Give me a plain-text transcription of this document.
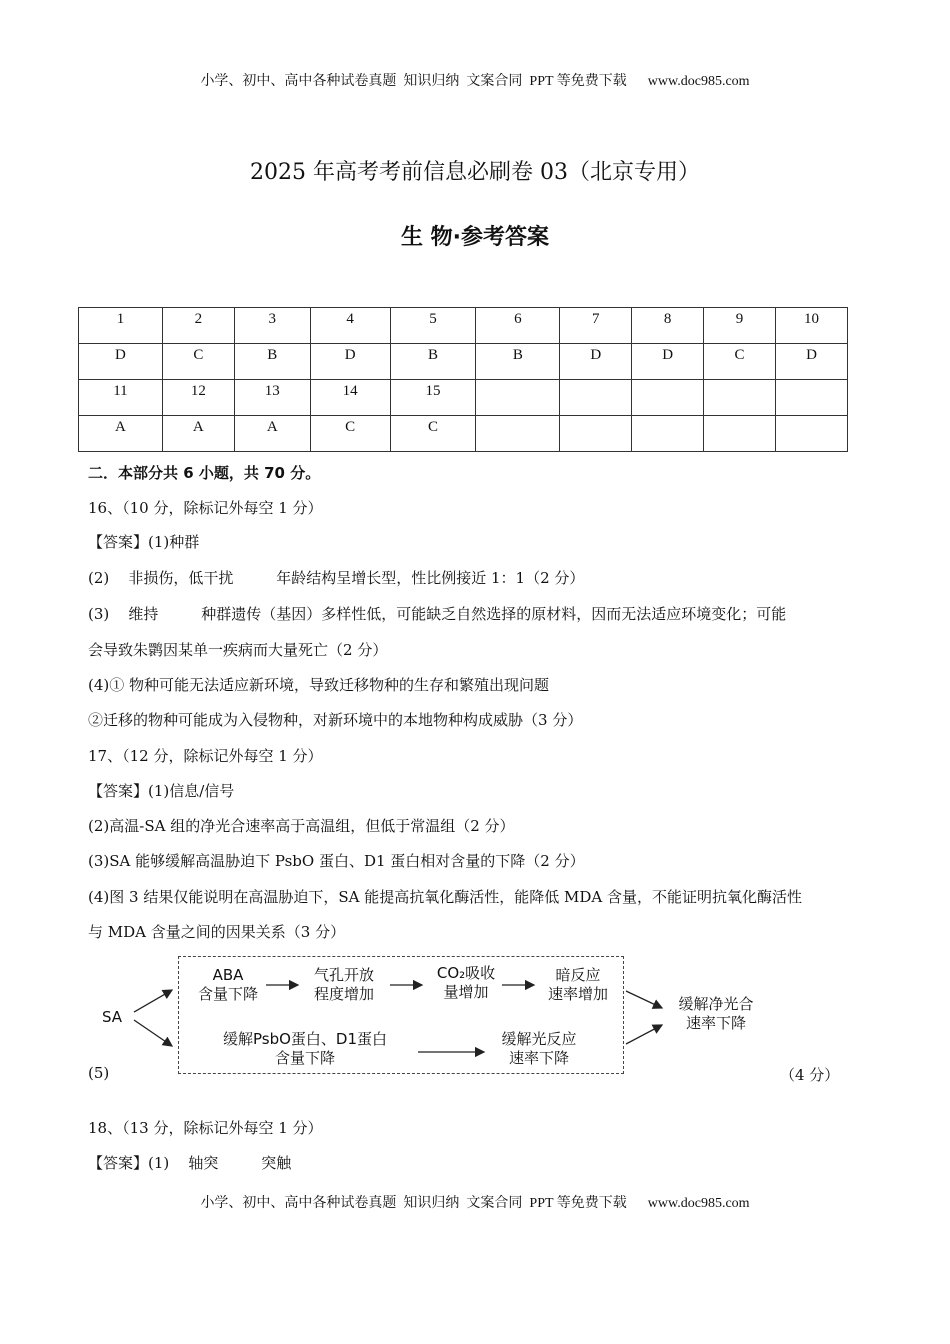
小学、初中、高中各种试卷真题  知识归纳  文案合同  PPT 等免费下载      www.doc985.com
2025 年高考考前信息必刷卷 03（北京专用）
生 物·参考答案
1	2	3	4	5	6	7	8	9	10
D	C	B	D	B	B	D	D	C	D
11	12	13	14	15					
A	A	A	C	C					
二．本部分共 6 小题，共 70 分。
16、（10 分，除标记外每空 1 分）
【答案】(1)种群
(2)    非损伤，低干扰         年龄结构呈增长型，性比例接近 1：1（2 分）
(3)    维持         种群遗传（基因）多样性低，可能缺乏自然选择的原材料，因而无法适应环境变化；可能
会导致朱鹮因某单一疾病而大量死亡（2 分）
(4)① 物种可能无法适应新环境，导致迁移物种的生存和繁殖出现问题
②迁移的物种可能成为入侵物种，对新环境中的本地物种构成威胁（3 分）
17、（12 分，除标记外每空 1 分）
【答案】(1)信息/信号
(2)高温-SA 组的净光合速率高于高温组，但低于常温组（2 分）
(3)SA 能够缓解高温胁迫下 PsbO 蛋白、D1 蛋白相对含量的下降（2 分）
(4)图 3 结果仅能说明在高温胁迫下，SA 能提高抗氧化酶活性，能降低 MDA 含量，不能证明抗氧化酶活性
与 MDA 含量之间的因果关系（3 分）
SA
ABA
含量下降
气孔开放
程度增加
CO₂吸收
量增加
暗反应
速率增加
缓解PsbO蛋白、D1蛋白
含量下降
缓解光反应
速率下降
缓解净光合
速率下降
(5)	（4 分）
18、（13 分，除标记外每空 1 分）
【答案】(1)    轴突         突触
小学、初中、高中各种试卷真题  知识归纳  文案合同  PPT 等免费下载      www.doc985.com
